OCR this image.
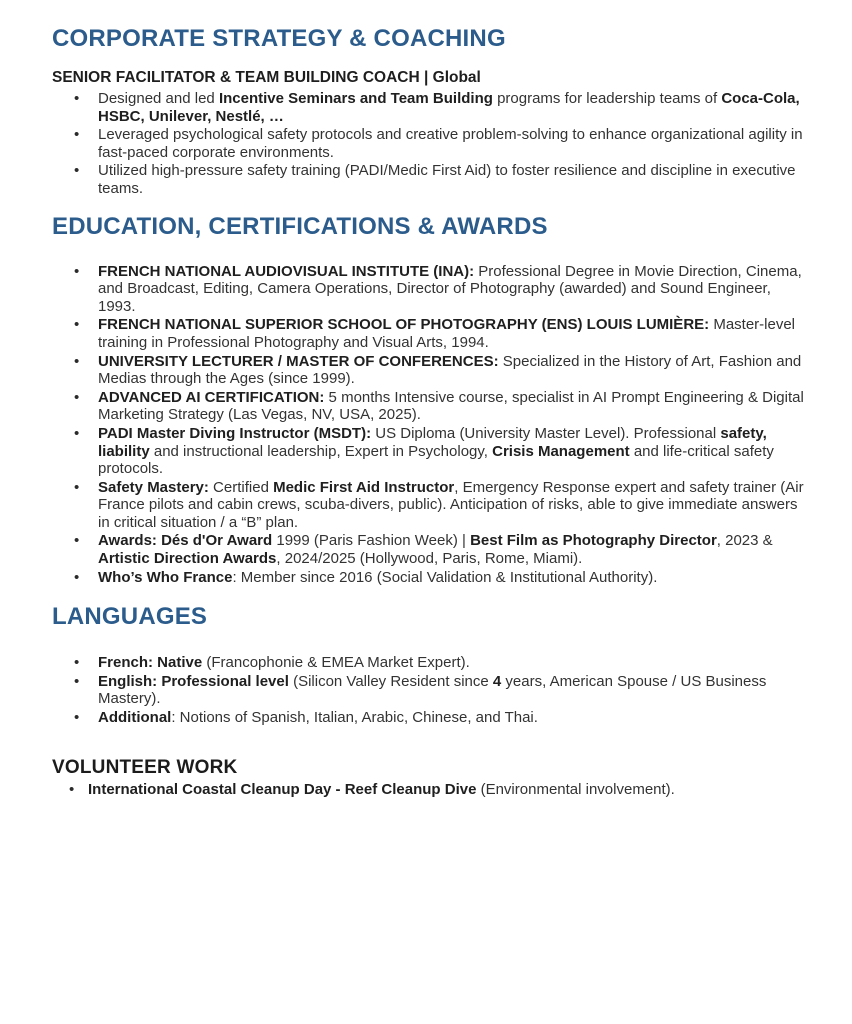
CORPORATE STRATEGY & COACHING

SENIOR FACILITATOR & TEAM BUILDING COACH | Global

• Designed and led Incentive Seminars and Team Building programs for leadership teams of Coca-Cola, HSBC, Unilever, Nestlé, …
• Leveraged psychological safety protocols and creative problem-solving to enhance organizational agility in fast-paced corporate environments.
• Utilized high-pressure safety training (PADI/Medic First Aid) to foster resilience and discipline in executive teams.
EDUCATION, CERTIFICATIONS & AWARDS
• FRENCH NATIONAL AUDIOVISUAL INSTITUTE (INA): Professional Degree in Movie Direction, Cinema, and Broadcast, Editing, Camera Operations, Director of Photography (awarded) and Sound Engineer, 1993.
• FRENCH NATIONAL SUPERIOR SCHOOL OF PHOTOGRAPHY (ENS) LOUIS LUMIÈRE: Master-level training in Professional Photography and Visual Arts, 1994.
• UNIVERSITY LECTURER / MASTER OF CONFERENCES: Specialized in the History of Art, Fashion and Medias through the Ages (since 1999).
• ADVANCED AI CERTIFICATION: 5 months Intensive course, specialist in AI Prompt Engineering & Digital Marketing Strategy (Las Vegas, NV, USA, 2025).
• PADI Master Diving Instructor (MSDT): US Diploma (University Master Level). Professional safety, liability and instructional leadership, Expert in Psychology, Crisis Management and life-critical safety protocols.
• Safety Mastery: Certified Medic First Aid Instructor, Emergency Response expert and safety trainer (Air France pilots and cabin crews, scuba-divers, public). Anticipation of risks, able to give immediate answers in critical situation / a “B” plan.
• Awards: Dés d'Or Award 1999 (Paris Fashion Week) | Best Film as Photography Director, 2023 & Artistic Direction Awards, 2024/2025 (Hollywood, Paris, Rome, Miami).
• Who’s Who France: Member since 2016 (Social Validation & Institutional Authority).
LANGUAGES
• French: Native (Francophonie & EMEA Market Expert).
• English: Professional level (Silicon Valley Resident since 4 years, American Spouse / US Business Mastery).
• Additional: Notions of Spanish, Italian, Arabic, Chinese, and Thai.
VOLUNTEER WORK
• International Coastal Cleanup Day - Reef Cleanup Dive (Environmental involvement).
